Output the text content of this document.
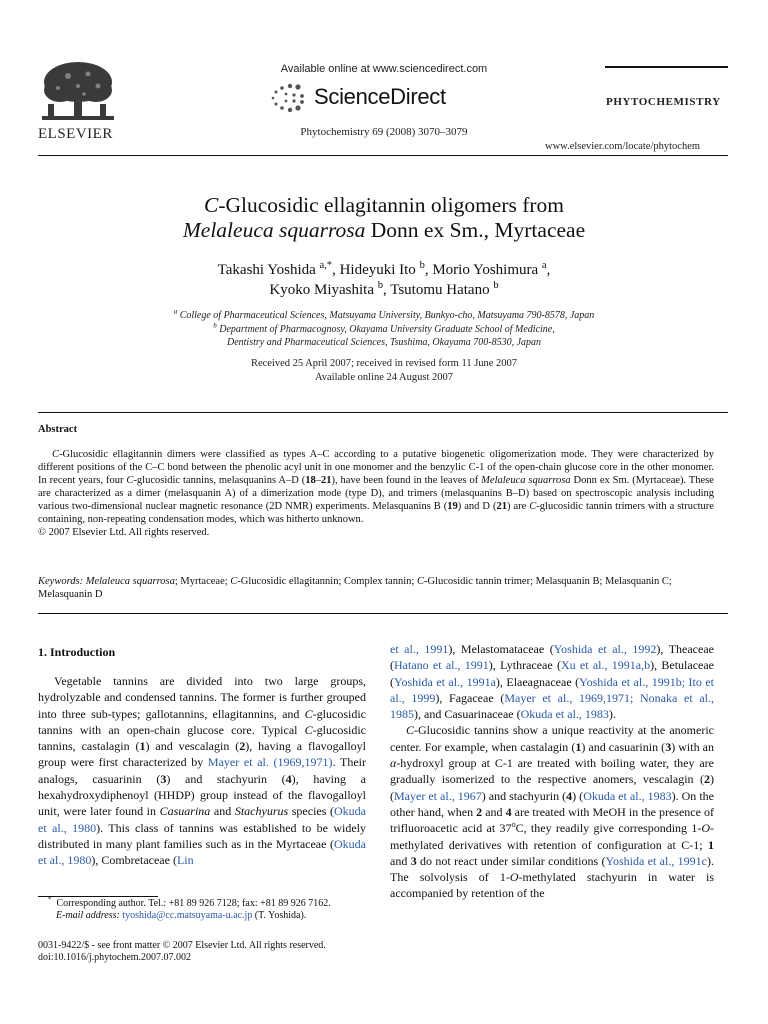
ELSEVIER
Available online at www.sciencedirect.com
ScienceDirect
Phytochemistry 69 (2008) 3070–3079
PHYTOCHEMISTRY
www.elsevier.com/locate/phytochem
C-Glucosidic ellagitannin oligomers from
Melaleuca squarrosa Donn ex Sm., Myrtaceae
Takashi Yoshida $^{a,*}$, Hideyuki Ito $^b$, Morio Yoshimura $^a$,
Kyoko Miyashita $^b$, Tsutomu Hatano $^b$
$^a$ College of Pharmaceutical Sciences, Matsuyama University, Bunkyo-cho, Matsuyama 790-8578, Japan
$^b$ Department of Pharmacognosy, Okayama University Graduate School of Medicine,
Dentistry and Pharmaceutical Sciences, Tsushima, Okayama 700-8530, Japan
Received 25 April 2007; received in revised form 11 June 2007
Available online 24 August 2007
Abstract

C-Glucosidic ellagitannin dimers were classified as types A–C according to a putative biogenetic oligomerization mode. They were characterized by different positions of the C–C bond between the phenolic acyl unit in one monomer and the benzylic C-1 of the open-chain glucose core in the other monomer. In recent years, four C-glucosidic tannins, melasquanins A–D (18–21), have been found in the leaves of Melaleuca squarrosa Donn ex Sm. (Myrtaceae). These are characterized as a dimer (melasquanin A) of a dimerization mode (type D), and trimers (melasquanins B–D) based on spectroscopic analysis including various two-dimensional nuclear magnetic resonance (2D NMR) experiments. Melasquanins B (19) and D (21) are C-glucosidic tannin trimers with a structure containing, non-repeating condensation modes, which was hitherto unknown.

© 2007 Elsevier Ltd. All rights reserved.
Keywords: Melaleuca squarrosa; Myrtaceae; C-Glucosidic ellagitannin; Complex tannin; C-Glucosidic tannin trimer; Melasquanin B; Melasquanin C; Melasquanin D
1. Introduction

Vegetable tannins are divided into two large groups, hydrolyzable and condensed tannins. The former is further grouped into three sub-types; gallotannins, ellagitannins, and C-glucosidic tannins with an open-chain glucose core. Typical C-glucosidic tannins, castalagin (1) and vescalagin (2), having a flavogalloyl group were first characterized by Mayer et al. (1969,1971). Their analogs, casuarinin (3) and stachyurin (4), having a hexahydroxydiphenoyl (HHDP) group instead of the flavogalloyl unit, were later found in Casuarina and Stachyurus species (Okuda et al., 1980). This class of tannins was established to be widely distributed in many plant families such as in the Myrtaceae (Okuda et al., 1980), Combretaceae (Lin

* Corresponding author. Tel.: +81 89 926 7128; fax: +81 89 926 7162.
E-mail address: tyoshida@cc.matsuyama-u.ac.jp (T. Yoshida).
0031-9422/$ - see front matter © 2007 Elsevier Ltd. All rights reserved.
doi:10.1016/j.phytochem.2007.07.002
et al., 1991), Melastomataceae (Yoshida et al., 1992), Theaceae (Hatano et al., 1991), Lythraceae (Xu et al., 1991a,b), Betulaceae (Yoshida et al., 1991a), Elaeagnaceae (Yoshida et al., 1991b; Ito et al., 1999), Fagaceae (Mayer et al., 1969,1971; Nonaka et al., 1985), and Casuarinaceae (Okuda et al., 1983).

C-Glucosidic tannins show a unique reactivity at the anomeric center. For example, when castalagin (1) and casuarinin (3) with an α-hydroxyl group at C-1 are treated with boiling water, they are gradually isomerized to the respective anomers, vescalagin (2) (Mayer et al., 1967) and stachyurin (4) (Okuda et al., 1983). On the other hand, when 2 and 4 are treated with MeOH in the presence of trifluoroacetic acid at 37$^o$C, they readily give corresponding 1-O-methylated derivatives with retention of configuration at C-1; 1 and 3 do not react under similar conditions (Yoshida et al., 1991c). The solvolysis of 1-O-methylated stachyurin in water is accompanied by retention of the
